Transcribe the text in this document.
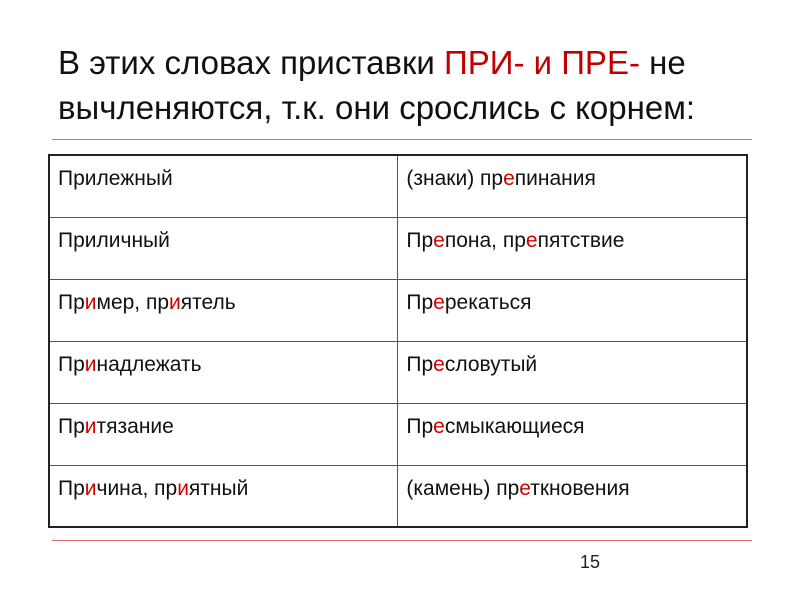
В этих словах приставки ПРИ- и ПРЕ- не вычленяются, т.к. они срослись с корнем:
Прилежный	(знаки) препинания
Приличный	Препона, препятствие
Пример, приятель	Пререкаться
Принадлежать	Пресловутый
Притязание	Пресмыкающиеся
Причина, приятный	(камень) преткновения
15
